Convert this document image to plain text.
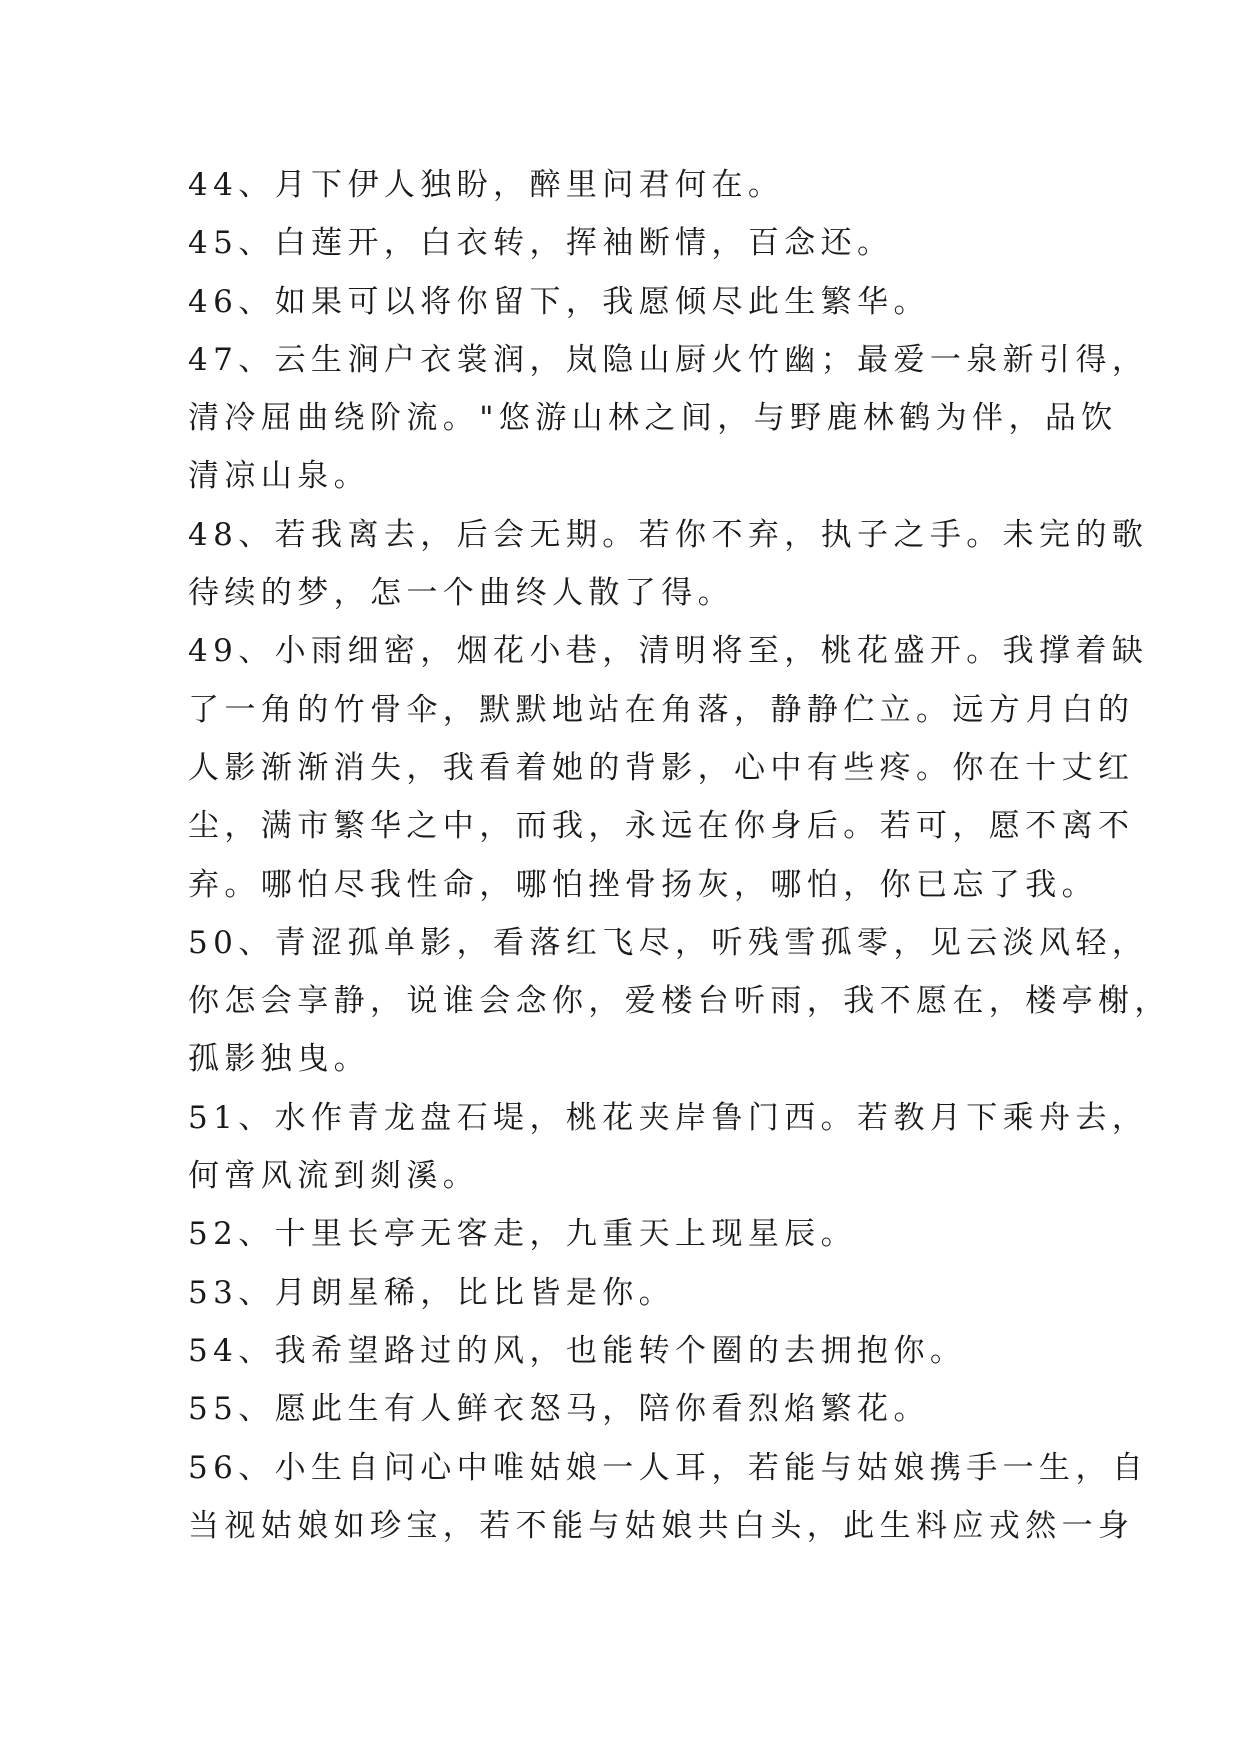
44、月下伊人独盼，醉里问君何在。

45、白莲开，白衣转，挥袖断情，百念还。

46、如果可以将你留下，我愿倾尽此生繁华。

47、云生涧户衣裳润，岚隐山厨火竹幽；最爱一泉新引得，

清冷屈曲绕阶流。"悠游山林之间，与野鹿林鹤为伴，品饮

清凉山泉。

48、若我离去，后会无期。若你不弃，执子之手。未完的歌

待续的梦，怎一个曲终人散了得。

49、小雨细密，烟花小巷，清明将至，桃花盛开。我撑着缺

了一角的竹骨伞，默默地站在角落，静静伫立。远方月白的

人影渐渐消失，我看着她的背影，心中有些疼。你在十丈红

尘，满市繁华之中，而我，永远在你身后。若可，愿不离不

弃。哪怕尽我性命，哪怕挫骨扬灰，哪怕，你已忘了我。

50、青涩孤单影，看落红飞尽，听残雪孤零，见云淡风轻，

你怎会享静，说谁会念你，爱楼台听雨，我不愿在，楼亭榭，

孤影独曳。

51、水作青龙盘石堤，桃花夹岸鲁门西。若教月下乘舟去，

何啻风流到剡溪。

52、十里长亭无客走，九重天上现星辰。

53、月朗星稀，比比皆是你。

54、我希望路过的风，也能转个圈的去拥抱你。

55、愿此生有人鲜衣怒马，陪你看烈焰繁花。

56、小生自问心中唯姑娘一人耳，若能与姑娘携手一生，自

当视姑娘如珍宝，若不能与姑娘共白头，此生料应戎然一身
